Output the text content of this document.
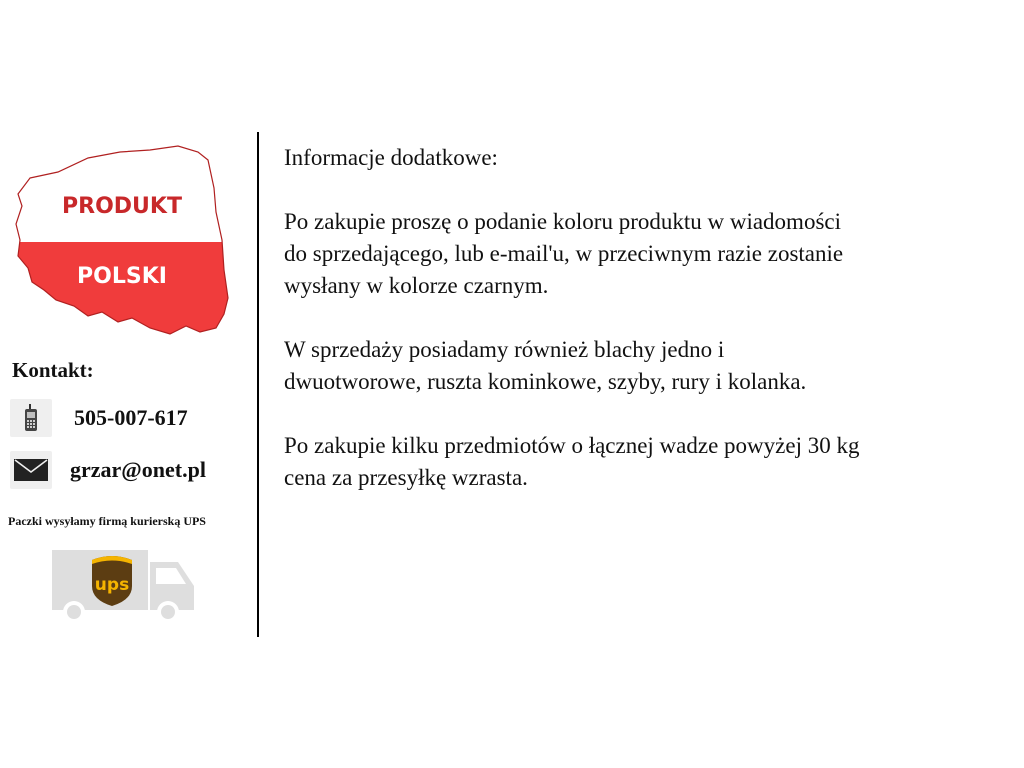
PRODUKT
POLSKI
Kontakt:
505-007-617
grzar@onet.pl
Paczki wysyłamy firmą kurierską UPS
ups

Informacje dodatkowe:

Po zakupie proszę o podanie koloru produktu w wiadomości
do sprzedającego, lub e-mail'u, w przeciwnym razie zostanie
wysłany w kolorze czarnym.

W sprzedaży posiadamy również blachy jedno i
dwuotworowe, ruszta kominkowe, szyby, rury i kolanka.

Po zakupie kilku przedmiotów o łącznej wadze powyżej 30 kg
cena za przesyłkę wzrasta.
